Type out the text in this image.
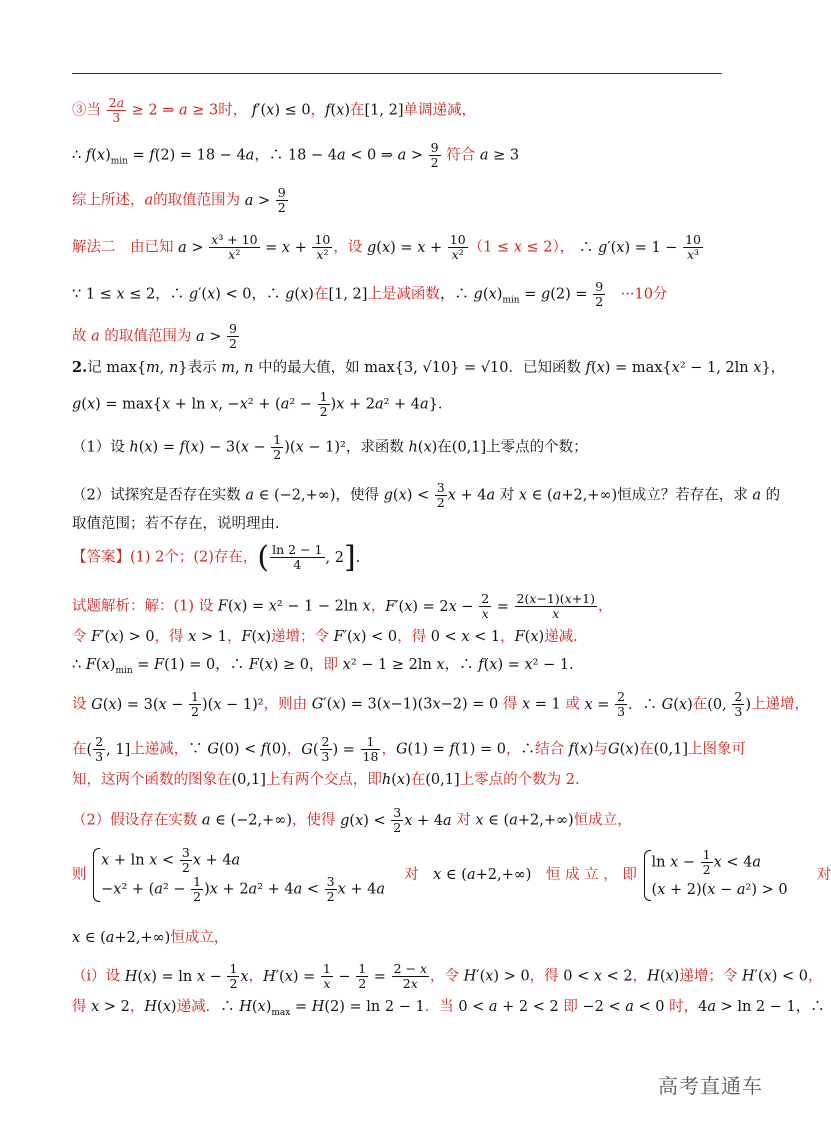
③当 $\frac{2a}{3} \ge 2$ ⇒ a ≥ 3时， f′(x) ≤ 0，f(x)在[1, 2]单调递减，
∴ $f(x)_{min} = f(2) = 18 - 4a$，∴ 18 − 4a < 0 ⇒ $a > \frac{9}{2}$ 符合 a ≥ 3
综上所述，a的取值范围为 $a > \frac{9}{2}$
解法二　由已知 $a > \frac{\text{x³ + 10}}{\text{x²}} = x + \frac{10}{\text{x²}}$ ，设 $g(x) = x + \frac{10}{\text{x²}} (1 \le x \le 2)$， ∴ $g'(x) = 1 - \frac{10}{\text{x³}}$
∵ 1 ≤ x ≤ 2，∴ g′(x) < 0，∴ g(x)在[1, 2]上是减函数，∴ $g(x)_{min} = g(2) = \frac{9}{2}$
　 ···10分
故 a 的取值范围为 $a > \frac{9}{2}$
2.记 max{m, n}表示 m, n 中的最大值，如 max{3, √10} = √10．已知函数 f(x) = max{x² − 1, 2ln x}，
g(x) = max{x + ln x, $-x^2 + (a^2 - \frac{1}{2} )x + 2a^2 + 4a$}．
（1）设 $h(x) = f(x) - 3(x - \frac{1}{2} )(x - 1)^2$，求函数 h(x)在(0,1]上零点的个数；
（2）试探究是否存在实数 a ∈ (−2,+∞)，使得 $g(x) < \frac{3}{2}$ x + 4a 对 x ∈ (a+2,+∞)恒成立？若存在，求 a 的
取值范围；若不存在，说明理由.
【答案】(1) 2个；(2)存在，( $\frac{\ln 2 - 1}{4}$ , 2].
试题解析：解：(1) 设 F(x) = x² − 1 − 2ln x，$F'(x) = 2x - \frac{2}{x} = \frac{2(x-1)(x+1)}{x}$ ，
令 F′(x) > 0，得 x > 1，F(x)递增；令 F′(x) < 0，得 0 < x < 1，F(x)递减.
∴ $F(x)_{min} = F(1) = 0$，∴ F(x) ≥ 0，即 x² − 1 ≥ 2ln x，∴ f(x) = x² − 1.
设 $G(x) = 3(x - \frac{1}{2} )(x - 1)^2$，则由 G′(x) = 3(x−1)(3x−2) = 0 得 x = 1 或 $x = \frac{2}{3}$ ．∴ G(x)在(0, $\frac{2}{3}$ )上递增，
在( $\frac{2}{3}$ , 1]上递减，∵ G(0) < f(0)，$G( \frac{2}{3}$ ) = $\frac{1}{18}$ ，G(1) = f(1) = 0，∴结合 f(x)与G(x)在(0,1]上图象可
知，这两个函数的图象在(0,1]上有两个交点，即h(x)在(0,1]上零点的个数为 2.
（2）假设存在实数 a ∈ (−2,+∞)，使得 $g(x) < \frac{3}{2}$ x + 4a 对 x ∈ (a+2,+∞)恒成立，
则
$x + \ln x < \frac{3}{2}$ x + 4a
$-x^2 + (a^2 - \frac{1}{2} )x + 2a^2 + 4a < \frac{3}{2}$ x + 4a
　对　x ∈ (a+2,+∞)　恒 成 立 ， 即
$\ln x - \frac{1}{2}$ x < 4a
(x + 2)(x − a²) > 0
　　对
x ∈ (a+2,+∞)恒成立，
（i）设 $H(x) = \ln x - \frac{1}{2}$ x，$H'(x) = \frac{1}{x} - \frac{1}{2} = \frac{2 - x}{2x}$ ，令 H′(x) > 0，得 0 < x < 2，H(x)递增；令 H′(x) < 0，
得 x > 2，H(x)递减．∴ $H(x)_{max} = H(2) = \ln 2 - 1$．当 0 < a + 2 < 2 即 −2 < a < 0 时，4a > ln 2 − 1，∴
高考直通车
